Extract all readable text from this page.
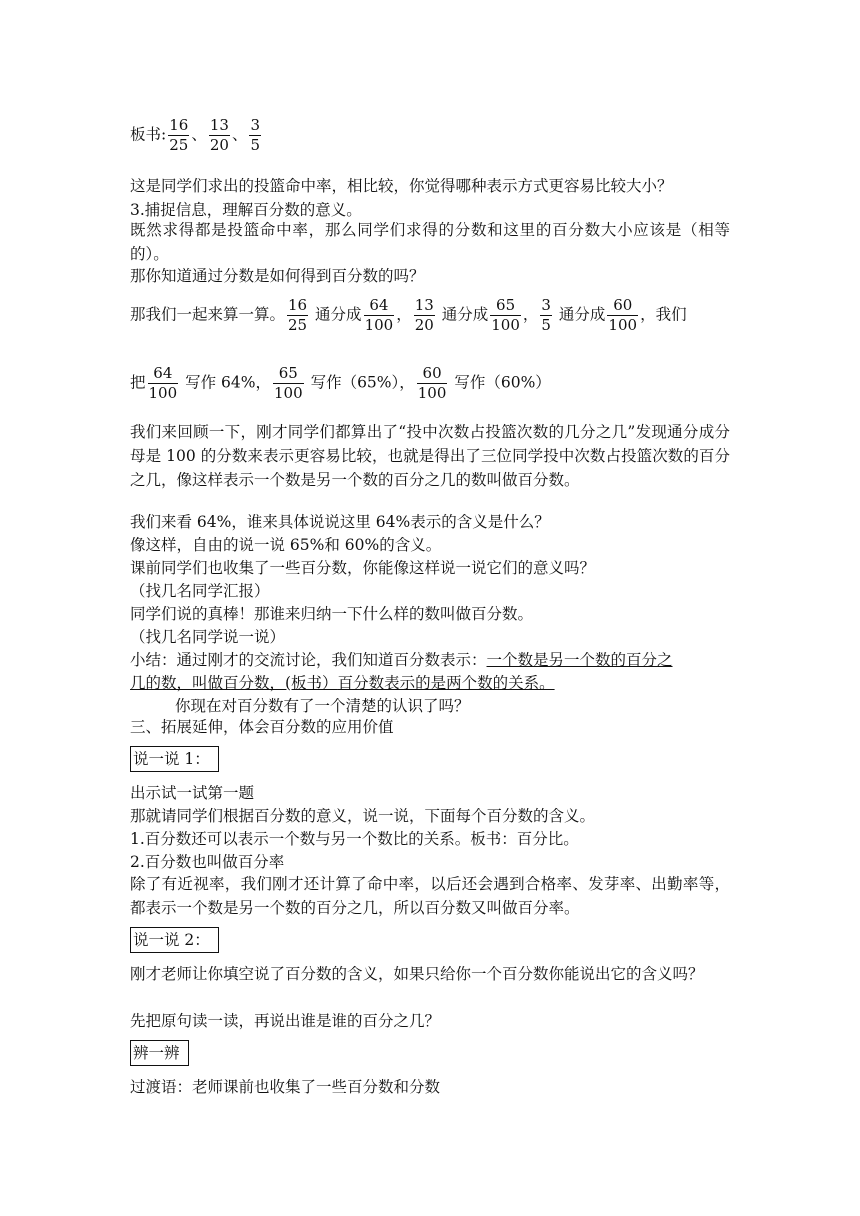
板书: $\frac{16}{25}$ 、 $\frac{13}{20}$ 、 $\frac{3}{5}$
这是同学们求出的投篮命中率，相比较，你觉得哪种表示方式更容易比较大小？
3.捕捉信息，理解百分数的意义。
既然求得都是投篮命中率，那么同学们求得的分数和这里的百分数大小应该是（相等的）。
那你知道通过分数是如何得到百分数的吗？
那我们一起来算一算。 $\frac{16}{25}$ 通分成 $\frac{64}{100}$ ， $\frac{13}{20}$ 通分成 $\frac{65}{100}$ ， $\frac{3}{5}$ 通分成 $\frac{60}{100}$ ，我们
把 $\frac{64}{100}$ 写作 64%， $\frac{65}{100}$ 写作（65%）， $\frac{60}{100}$ 写作（60%）
我们来回顾一下，刚才同学们都算出了“投中次数占投篮次数的几分之几”发现通分成分母是 100 的分数来表示更容易比较，也就是得出了三位同学投中次数占投篮次数的百分之几，像这样表示一个数是另一个数的百分之几的数叫做百分数。
我们来看 64%，谁来具体说说这里 64%表示的含义是什么？
像这样，自由的说一说 65%和 60%的含义。
课前同学们也收集了一些百分数，你能像这样说一说它们的意义吗？
（找几名同学汇报）
同学们说的真棒！那谁来归纳一下什么样的数叫做百分数。
（找几名同学说一说）
小结：通过刚才的交流讨论，我们知道百分数表示：一个数是另一个数的百分之
几的数，叫做百分数，(板书）百分数表示的是两个数的关系。
你现在对百分数有了一个清楚的认识了吗？
三、拓展延伸，体会百分数的应用价值
说一说 1：
出示试一试第一题
那就请同学们根据百分数的意义，说一说，下面每个百分数的含义。
1.百分数还可以表示一个数与另一个数比的关系。板书：百分比。
2.百分数也叫做百分率
除了有近视率，我们刚才还计算了命中率，以后还会遇到合格率、发芽率、出勤率等，都表示一个数是另一个数的百分之几，所以百分数又叫做百分率。
说一说 2：
刚才老师让你填空说了百分数的含义，如果只给你一个百分数你能说出它的含义吗？
先把原句读一读，再说出谁是谁的百分之几？
辨一辨
过渡语：老师课前也收集了一些百分数和分数
